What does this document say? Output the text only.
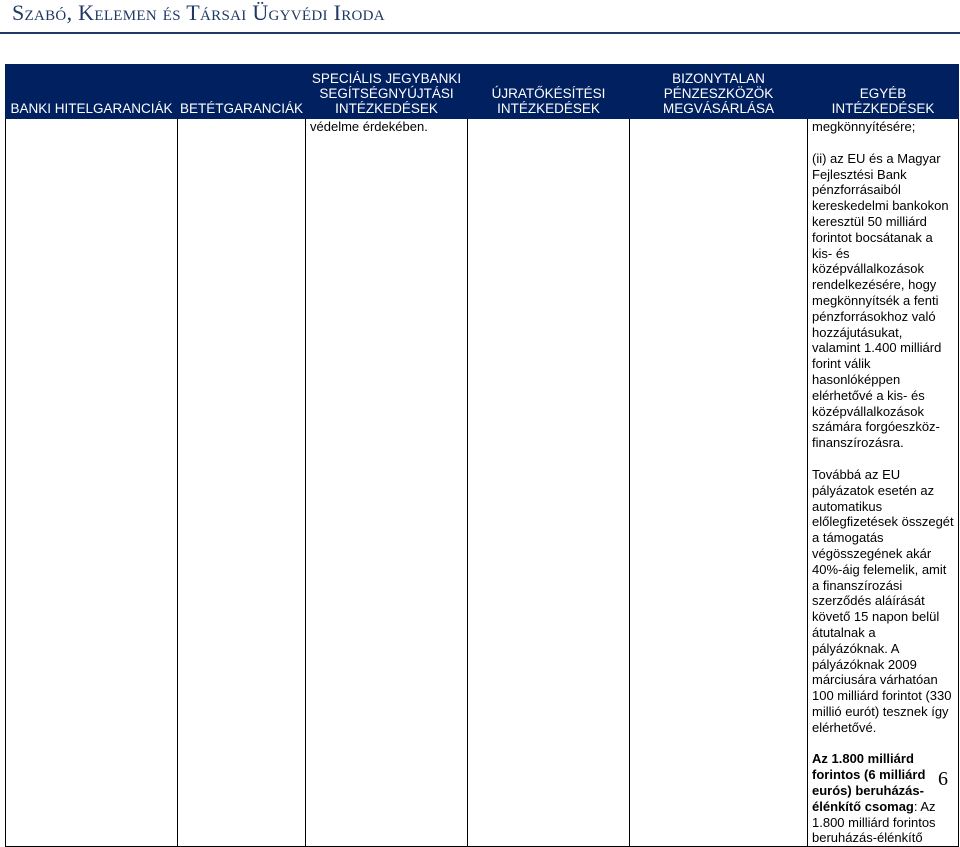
Szabó, Kelemen és Társai Ügyvédi Iroda
BANKI HITELGARANCIÁK	BETÉTGARANCIÁK	SPECIÁLIS JEGYBANKI SEGÍTSÉGNYÚJTÁSI INTÉZKEDÉSEK	ÚJRATŐKÉSÍTÉSI INTÉZKEDÉSEK	BIZONYTALAN PÉNZESZKÖZÖK MEGVÁSÁRLÁSA	EGYÉB INTÉZKEDÉSEK
		védelme érdekében.			megkönnyítésére;

(ii) az EU és a Magyar Fejlesztési Bank pénzforrásaiból kereskedelmi bankokon keresztül 50 milliárd forintot bocsátanak a kis- és középvállalkozások rendelkezésére, hogy megkönnyítsék a fenti pénzforrásokhoz való hozzájutásukat, valamint 1.400 milliárd forint válik hasonlóképpen elérhetővé a kis- és középvállalkozások számára forgóeszköz-finanszírozásra.

Továbbá az EU pályázatok esetén az automatikus előlegfizetések összegét a támogatás végösszegének akár 40%-áig felemelik, amit a finanszírozási szerződés aláírását követő 15 napon belül átutalnak a pályázóknak. A pályázóknak 2009 márciusára várhatóan 100 milliárd forintot (330 millió eurót) tesznek így elérhetővé.

Az 1.800 milliárd forintos (6 milliárd eurós) beruházás-élénkítő csomag: Az 1.800 milliárd forintos beruházás-élénkítő

6
